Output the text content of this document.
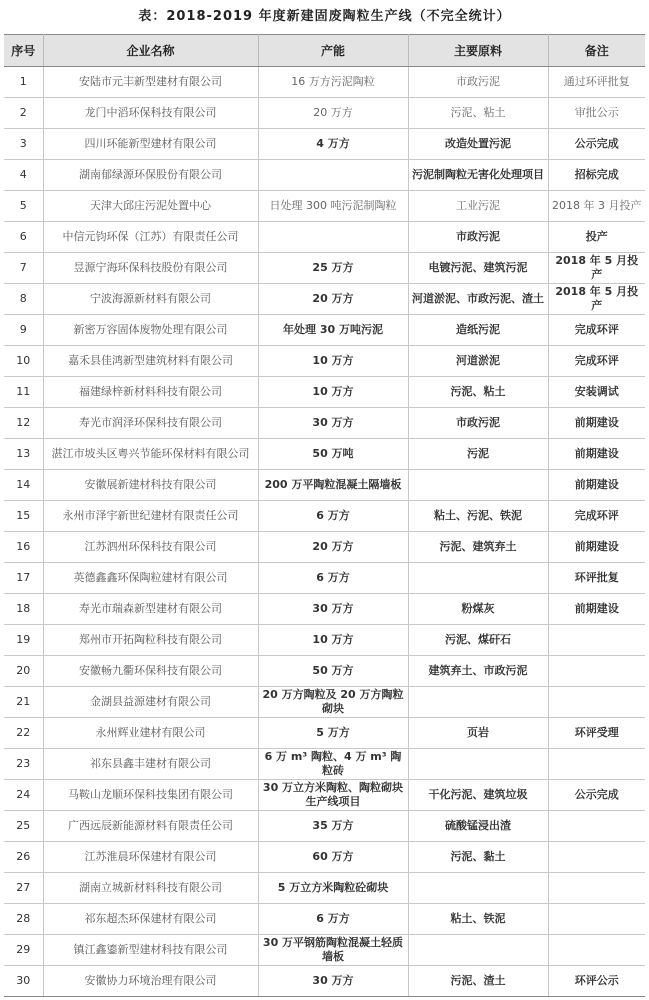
表：2018-2019 年度新建固废陶粒生产线（不完全统计）
序号	企业名称	产能	主要原料	备注
1	安陆市元丰新型建材有限公司	16 万方污泥陶粒	市政污泥	通过环评批复
2	龙门中滔环保科技有限公司	20 万方	污泥、粘土	审批公示
3	四川环能新型建材有限公司	4 万方	改造处置污泥	公示完成
4	湖南郁绿源环保股份有限公司		污泥制陶粒无害化处理项目	招标完成
5	天津大邱庄污泥处置中心	日处理 300 吨污泥制陶粒	工业污泥	2018 年 3 月投产
6	中信元钧环保（江苏）有限责任公司		市政污泥	投产
7	昱源宁海环保科技股份有限公司	25 万方	电镀污泥、建筑污泥	2018 年 5 月投产
8	宁波海源新材料有限公司	20 万方	河道淤泥、市政污泥、渣土	2018 年 5 月投产
9	新密万容固体废物处理有限公司	年处理 30 万吨污泥	造纸污泥	完成环评
10	嘉禾县佳鸿新型建筑材料有限公司	10 万方	河道淤泥	完成环评
11	福建绿梓新材料科技有限公司	10 万方	污泥、粘土	安装调试
12	寿光市润泽环保科技有限公司	30 万方	市政污泥	前期建设
13	湛江市坡头区粤兴节能环保材料有限公司	50 万吨	污泥	前期建设
14	安徽展新建材科技有限公司	200 万平陶粒混凝土隔墙板		前期建设
15	永州市泽宇新世纪建材有限责任公司	6 万方	粘土、污泥、铁泥	完成环评
16	江苏泗州环保科技有限公司	20 万方	污泥、建筑弃土	前期建设
17	英德鑫鑫环保陶粒建材有限公司	6 万方		环评批复
18	寿光市瑞森新型建材有限公司	30 万方	粉煤灰	前期建设
19	郑州市开拓陶粒科技有限公司	10 万方	污泥、煤矸石	
20	安徽畅九衢环保科技有限公司	50 万方	建筑弃土、市政污泥	
21	金湖县益源建材有限公司	20 万方陶粒及 20 万方陶粒砌块		
22	永州辉业建材有限公司	5 万方	页岩	环评受理
23	祁东县鑫丰建材有限公司	6 万 m³ 陶粒、4 万 m³ 陶粒砖		
24	马鞍山龙顺环保科技集团有限公司	30 万立方米陶粒、陶粒砌块生产线项目	干化污泥、建筑垃圾	公示完成
25	广西远辰新能源材料有限责任公司	35 万方	硫酸锰浸出渣	
26	江苏淮晨环保建材有限公司	60 万方	污泥、黏土	
27	湖南立城新材料科技有限公司	5 万立方米陶粒砼砌块		
28	祁东超杰环保建材有限公司	6 万方	粘土、铁泥	
29	镇江鑫鎏新型建材科技有限公司	30 万平钢筋陶粒混凝土轻质墙板		
30	安徽协力环境治理有限公司	30 万方	污泥、渣土	环评公示
